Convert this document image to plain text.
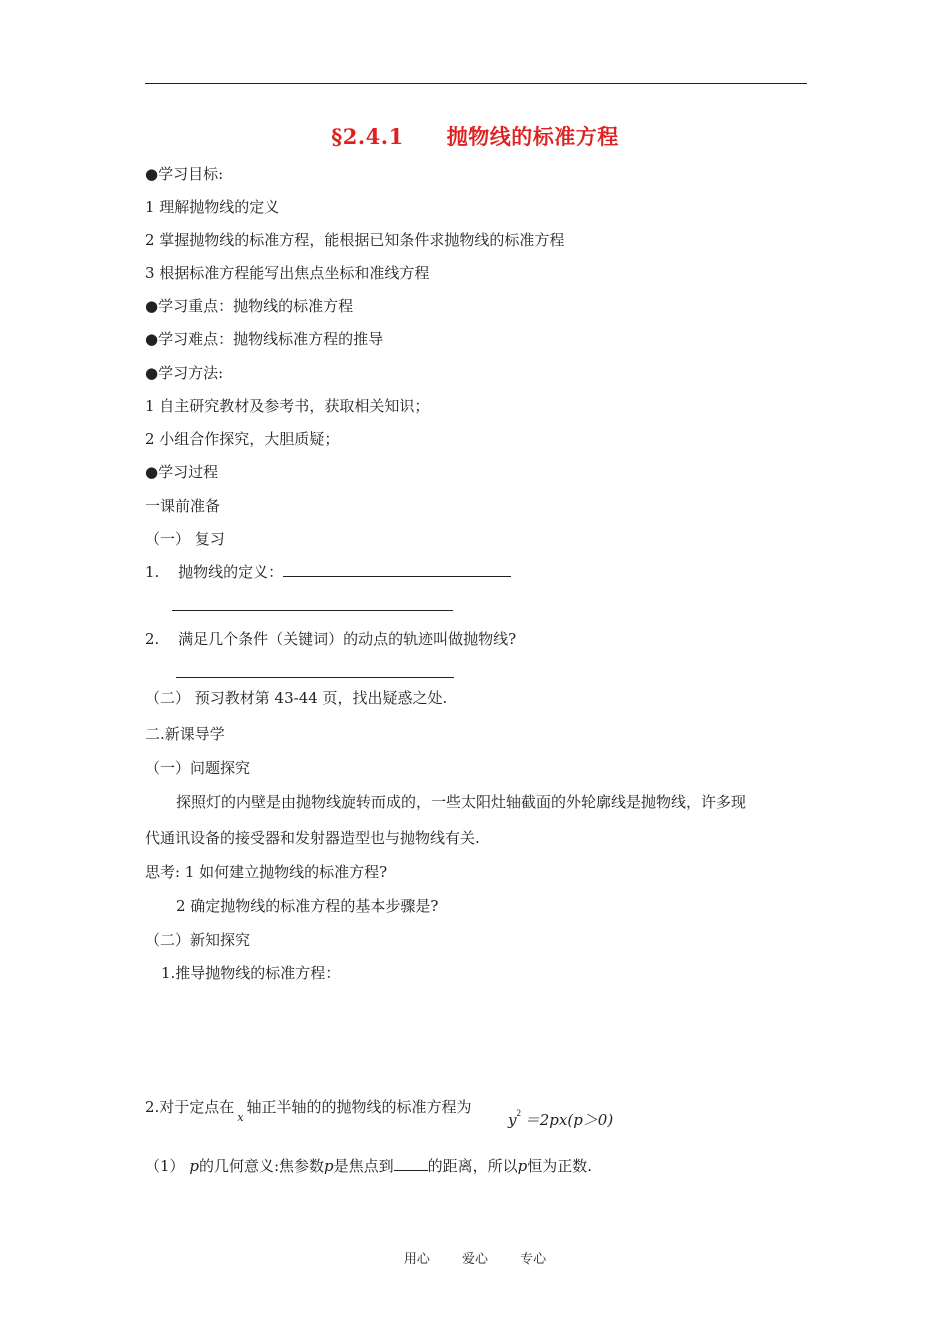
§2.4.1　　抛物线的标准方程
●学习目标:
1 理解抛物线的定义
2 掌握抛物线的标准方程，能根据已知条件求抛物线的标准方程
3 根据标准方程能写出焦点坐标和准线方程
●学习重点：抛物线的标准方程
●学习难点：抛物线标准方程的推导
●学习方法:
1 自主研究教材及参考书，获取相关知识；
2 小组合作探究，大胆质疑；
●学习过程
一课前准备
（一） 复习
1. 抛物线的定义：
2. 满足几个条件（关键词）的动点的轨迹叫做抛物线?
（二） 预习教材第 43-44 页，找出疑惑之处.
二.新课导学
（一）问题探究
探照灯的内壁是由抛物线旋转而成的，一些太阳灶轴截面的外轮廓线是抛物线，许多现
代通讯设备的接受器和发射器造型也与抛物线有关.
思考: 1 如何建立抛物线的标准方程?
2 确定抛物线的标准方程的基本步骤是?
（二）新知探究
1.推导抛物线的标准方程：
2.对于定点在$_x$轴正半轴的的抛物线的标准方程为
$y^2 =2px(p>0)$
（1） p的几何意义:焦参数p是焦点到 的距离，所以p恒为正数.
用心 爱心 专心
